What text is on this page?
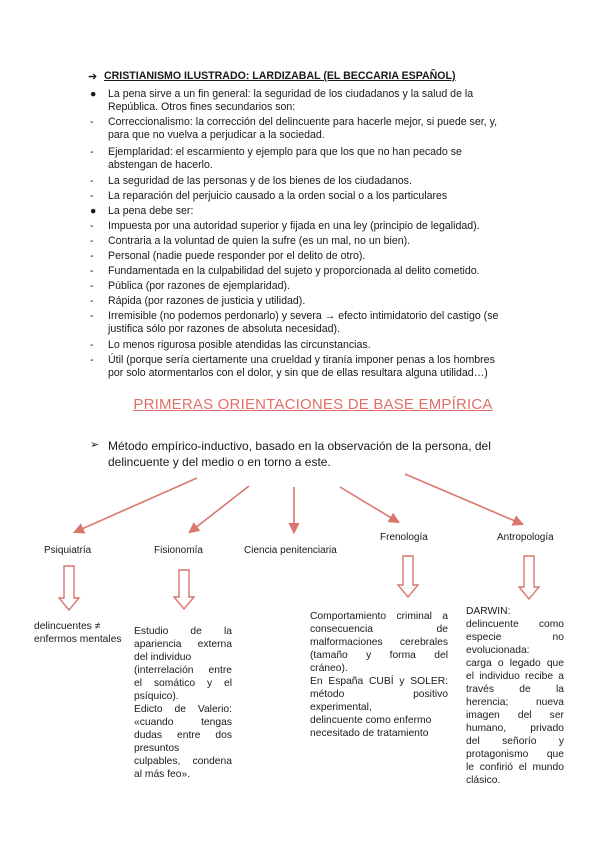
➔ CRISTIANISMO ILUSTRADO: LARDIZABAL (EL BECCARIA ESPAÑOL)
● La pena sirve a un fin general: la seguridad de los ciudadanos y la salud de la
República. Otros fines secundarios son:
- Correccionalismo: la corrección del delincuente para hacerle mejor, si puede ser, y,
para que no vuelva a perjudicar a la sociedad.
- Ejemplaridad: el escarmiento y ejemplo para que los que no han pecado se
abstengan de hacerlo.
- La seguridad de las personas y de los bienes de los ciudadanos.
- La reparación del perjuicio causado a la orden social o a los particulares
● La pena debe ser:
- Impuesta por una autoridad superior y fijada en una ley (principio de legalidad).
- Contraria a la voluntad de quien la sufre (es un mal, no un bien).
- Personal (nadie puede responder por el delito de otro).
- Fundamentada en la culpabilidad del sujeto y proporcionada al delito cometido.
- Pública (por razones de ejemplaridad).
- Rápida (por razones de justicia y utilidad).
- Irremisible (no podemos perdonarlo) y severa → efecto intimidatorio del castigo (se
justifica sólo por razones de absoluta necesidad).
- Lo menos rigurosa posible atendidas las circunstancias.
- Útil (porque sería ciertamente una crueldad y tiranía imponer penas a los hombres
por solo atormentarlos con el dolor, y sin que de ellas resultara alguna utilidad…)
PRIMERAS ORIENTACIONES DE BASE EMPÍRICA
➢ Método empírico-inductivo, basado en la observación de la persona, del delincuente y del medio o en torno a este.
Psiquiatría	Fisionomía	Ciencia penitenciaria
Frenología	Antropología

delincuentes ≠

enfermos mentales

Estudio de la

apariencia externa

del individuo

(interrelación entre

el somático y el

psíquico).

Edicto de Valerio:

«cuando tengas

dudas entre dos

presuntos

culpables, condena

al más feo».

Comportamiento criminal a

consecuencia de

malformaciones cerebrales

(tamaño y forma del

cráneo).

En España CUBÍ y SOLER:

método positivo

experimental,

delincuente como enfermo

necesitado de tratamiento

DARWIN:

delincuente como

especie no

evolucionada:

carga o legado que

el individuo recibe a

través de la

herencia; nueva

imagen del ser

humano, privado

del señorío y

protagonismo que

le confirió el mundo

clásico.
